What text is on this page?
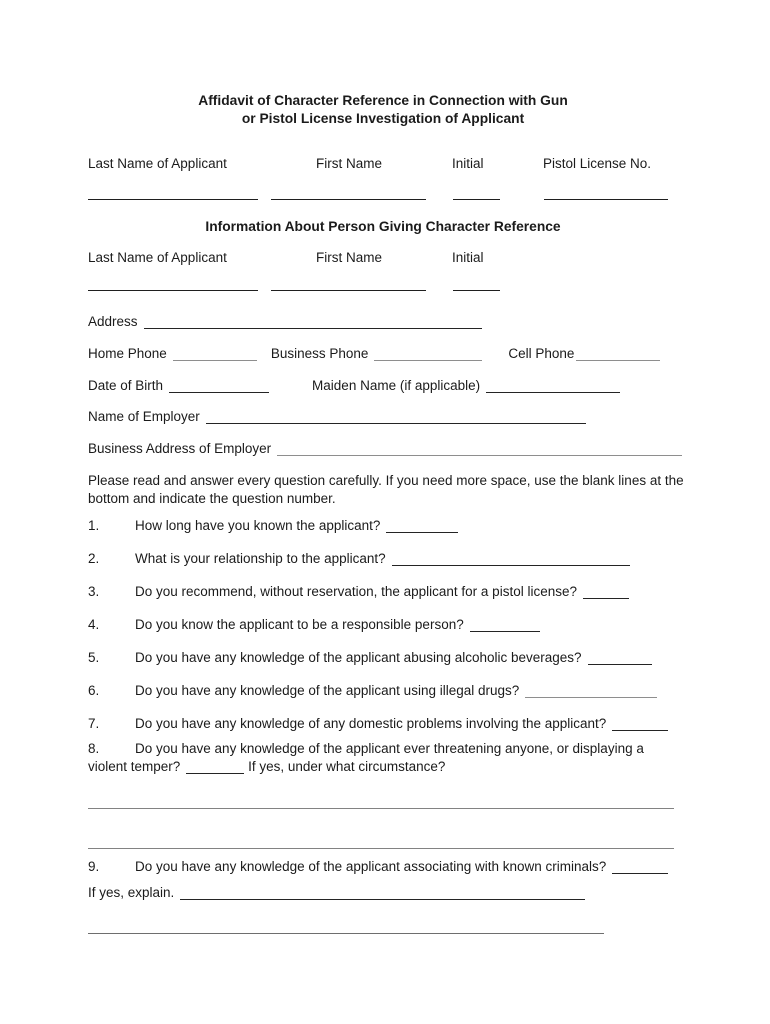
Affidavit of Character Reference in Connection with Gun
or Pistol License Investigation of Applicant
Last Name of Applicant	First Name	Initial	Pistol License No.
Information About Person Giving Character Reference
Last Name of Applicant	First Name	Initial
Address
Home Phone	Business Phone	Cell Phone
Date of Birth	Maiden Name (if applicable)
Name of Employer
Business Address of Employer

Please read and answer every question carefully. If you need more space, use the blank lines at the bottom and indicate the question number.

1.	How long have you known the applicant?
2.	What is your relationship to the applicant?
3.	Do you recommend, without reservation, the applicant for a pistol license?
4.	Do you know the applicant to be a responsible person?
5.	Do you have any knowledge of the applicant abusing alcoholic beverages?
6.	Do you have any knowledge of the applicant using illegal drugs?
7.	Do you have any knowledge of any domestic problems involving the applicant?
8.	Do you have any knowledge of the applicant ever threatening anyone, or displaying a
violent temper?	If yes, under what circumstance?
9.	Do you have any knowledge of the applicant associating with known criminals?
If yes, explain.
